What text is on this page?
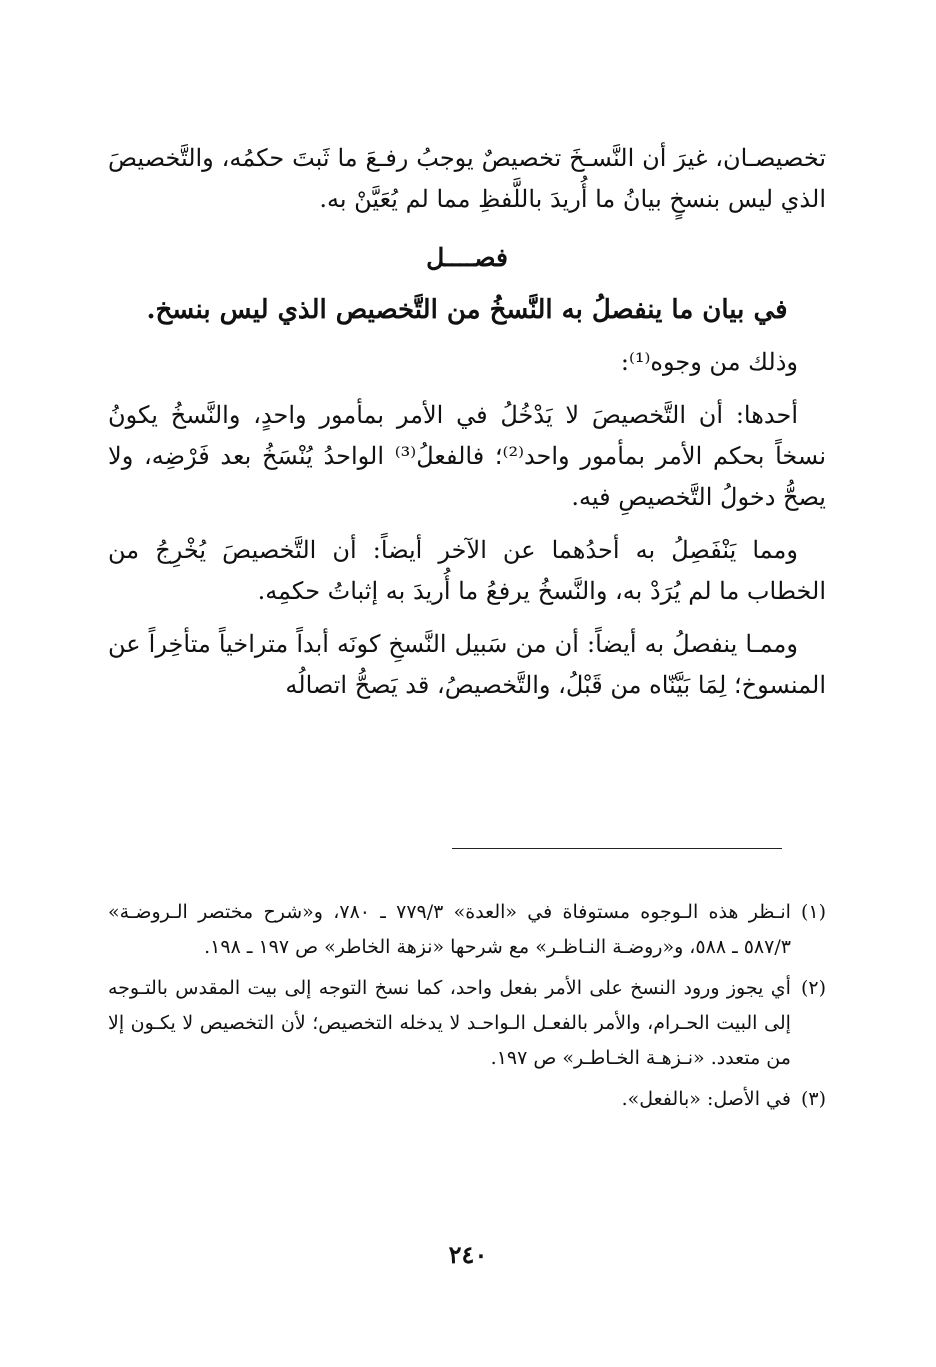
تخصيصـان، غيرَ أن النَّسـخَ تخصيصٌ يوجبُ رفـعَ ما ثَبتَ حكمُه، والتَّخصيصَ الذي ليس بنسخٍ بيانُ ما أُريدَ باللَّفظِ مما لم يُعَيَّنْ به.

فصــــل
في بيان ما ينفصلُ به النَّسخُ من التَّخصيص الذي ليس بنسخ.

وذلك من وجوه⁽¹⁾:

أحدها: أن التَّخصيصَ لا يَدْخُلُ في الأمر بمأمور واحدٍ، والنَّسخُ يكونُ نسخاً بحكم الأمر بمأمور واحد⁽²⁾؛ فالفعلُ⁽³⁾ الواحدُ يُنْسَخُ بعد فَرْضِه، ولا يصحُّ دخولُ التَّخصيصِ فيه.

ومما يَنْفَصِلُ به أحدُهما عن الآخر أيضاً: أن التَّخصيصَ يُخْرِجُ من الخطاب ما لم يُرَدْ به، والنَّسخُ يرفعُ ما أُريدَ به إثباتُ حكمِه.

وممـا ينفصلُ به أيضاً: أن من سَبيل النَّسخِ كونَه أبداً متراخياً متأخِراً عن المنسوخ؛ لِمَا بَيَّنّاه من قَبْلُ، والتَّخصيصُ، قد يَصحُّ اتصالُه

(١)
انـظر هذه الـوجوه مستوفاة في «العدة» ٧٧٩/٣ ـ ٧٨٠، و«شرح مختصر الـروضـة» ٥٨٧/٣ ـ ٥٨٨، و«روضـة النـاظـر» مع شرحها «نزهة الخاطر» ص ١٩٧ ـ ١٩٨.
(٢)
أي يجوز ورود النسخ على الأمر بفعل واحد، كما نسخ التوجه إلى بيت المقدس بالتـوجه إلى البيت الحـرام، والأمر بالفعـل الـواحـد لا يدخله التخصيص؛ لأن التخصيص لا يكـون إلا من متعدد. «نـزهـة الخـاطـر» ص ١٩٧.
(٣)
في الأصل: «بالفعل».
٢٤٠
